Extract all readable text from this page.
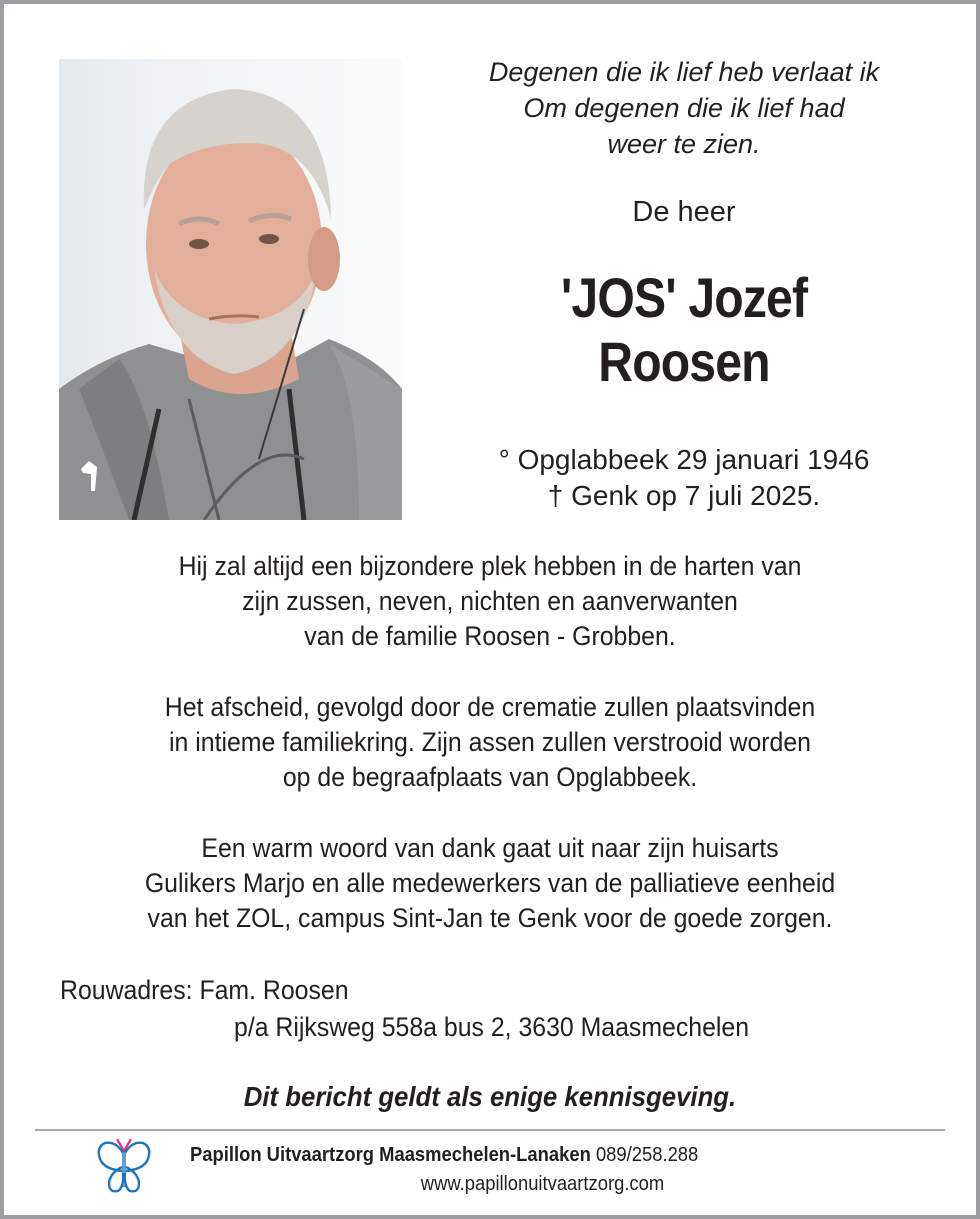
Degenen die ik lief heb verlaat ik
Om degenen die ik lief had
weer te zien.
De heer
'JOS' Jozef
Roosen
° Opglabbeek 29 januari 1946
† Genk op 7 juli 2025.
Hij zal altijd een bijzondere plek hebben in de harten van
zijn zussen, neven, nichten en aanverwanten
van de familie Roosen - Grobben.
Het afscheid, gevolgd door de crematie zullen plaatsvinden
in intieme familiekring. Zijn assen zullen verstrooid worden
op de begraafplaats van Opglabbeek.
Een warm woord van dank gaat uit naar zijn huisarts
Gulikers Marjo en alle medewerkers van de palliatieve eenheid
van het ZOL, campus Sint-Jan te Genk voor de goede zorgen.
Rouwadres: Fam. Roosen
p/a Rijksweg 558a bus 2, 3630 Maasmechelen
Dit bericht geldt als enige kennisgeving.
Papillon Uitvaartzorg Maasmechelen-Lanaken 089/258.288
www.papillonuitvaartzorg.com
